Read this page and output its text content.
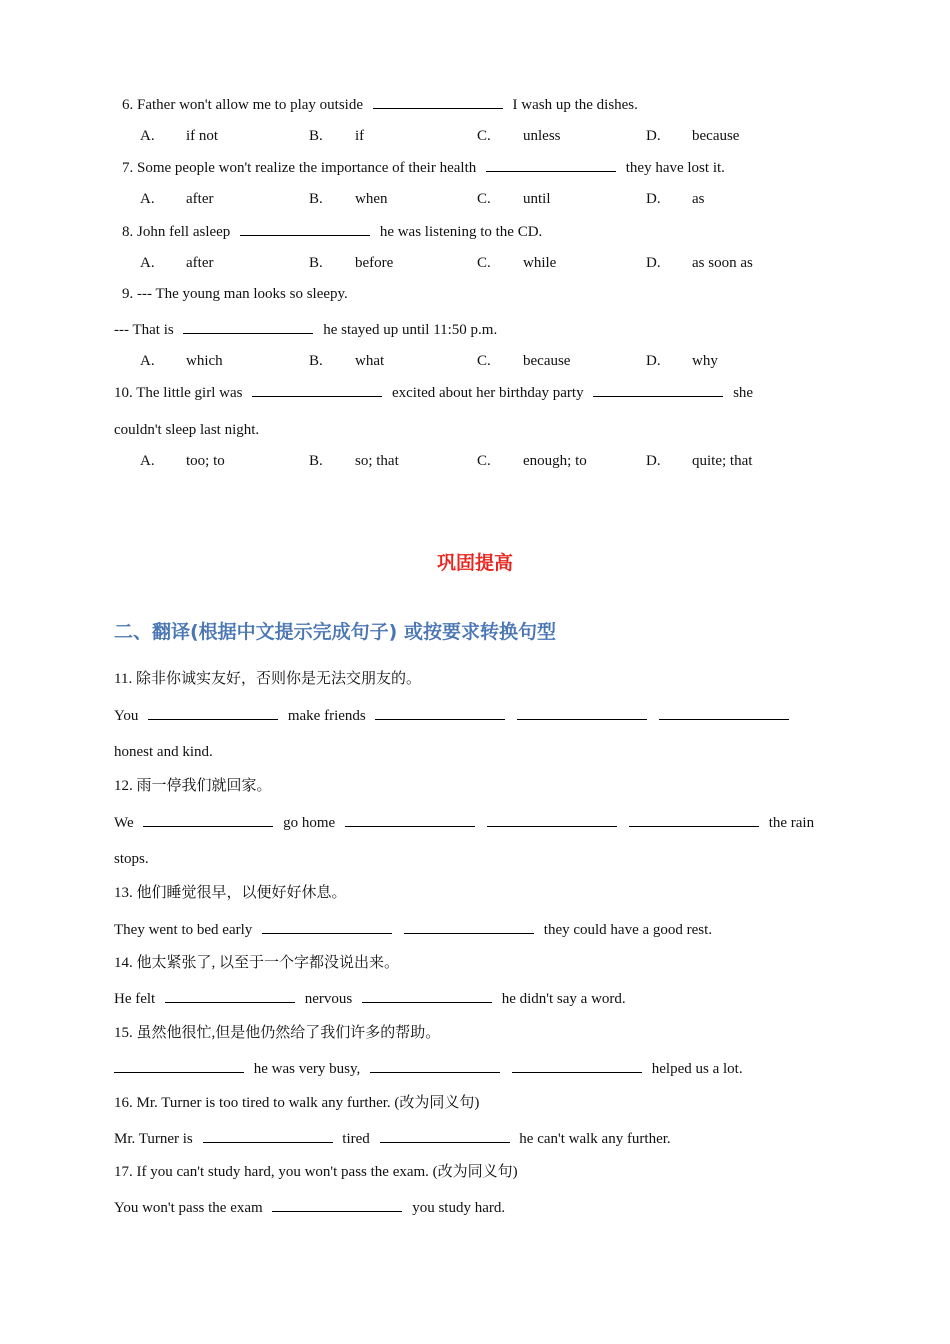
6. Father won't allow me to play outside	I wash up the dishes.
A. if not	B. if	C. unless	D. because
7. Some people won't realize the importance of their health	they have lost it.
A. after	B. when	C. until	D. as
8. John fell asleep	he was listening to the CD.
A. after	B. before	C. while	D. as soon as
9. --- The young man looks so sleepy.
--- That is	he stayed up until 11:50 p.m.
A. which	B. what	C. because	D. why
10. The little girl was	excited about her birthday party	she
couldn't sleep last night.
A. too; to	B. so; that	C. enough; to	D. quite; that
巩固提高
二、翻译(根据中文提示完成句子) 或按要求转换句型
11. 除非你诚实友好，否则你是无法交朋友的。
You	make friends
honest and kind.
12. 雨一停我们就回家。
We	go home	the rain
stops.
13. 他们睡觉很早，以便好好休息。
They went to bed early	they could have a good rest.
14. 他太紧张了, 以至于一个字都没说出来。
He felt	nervous	he didn't say a word.
15. 虽然他很忙,但是他仍然给了我们许多的帮助。
he was very busy,	helped us a lot.
16. Mr. Turner is too tired to walk any further. (改为同义句)
Mr. Turner is	tired	he can't walk any further.
17. If you can't study hard, you won't pass the exam. (改为同义句)
You won't pass the exam	you study hard.
